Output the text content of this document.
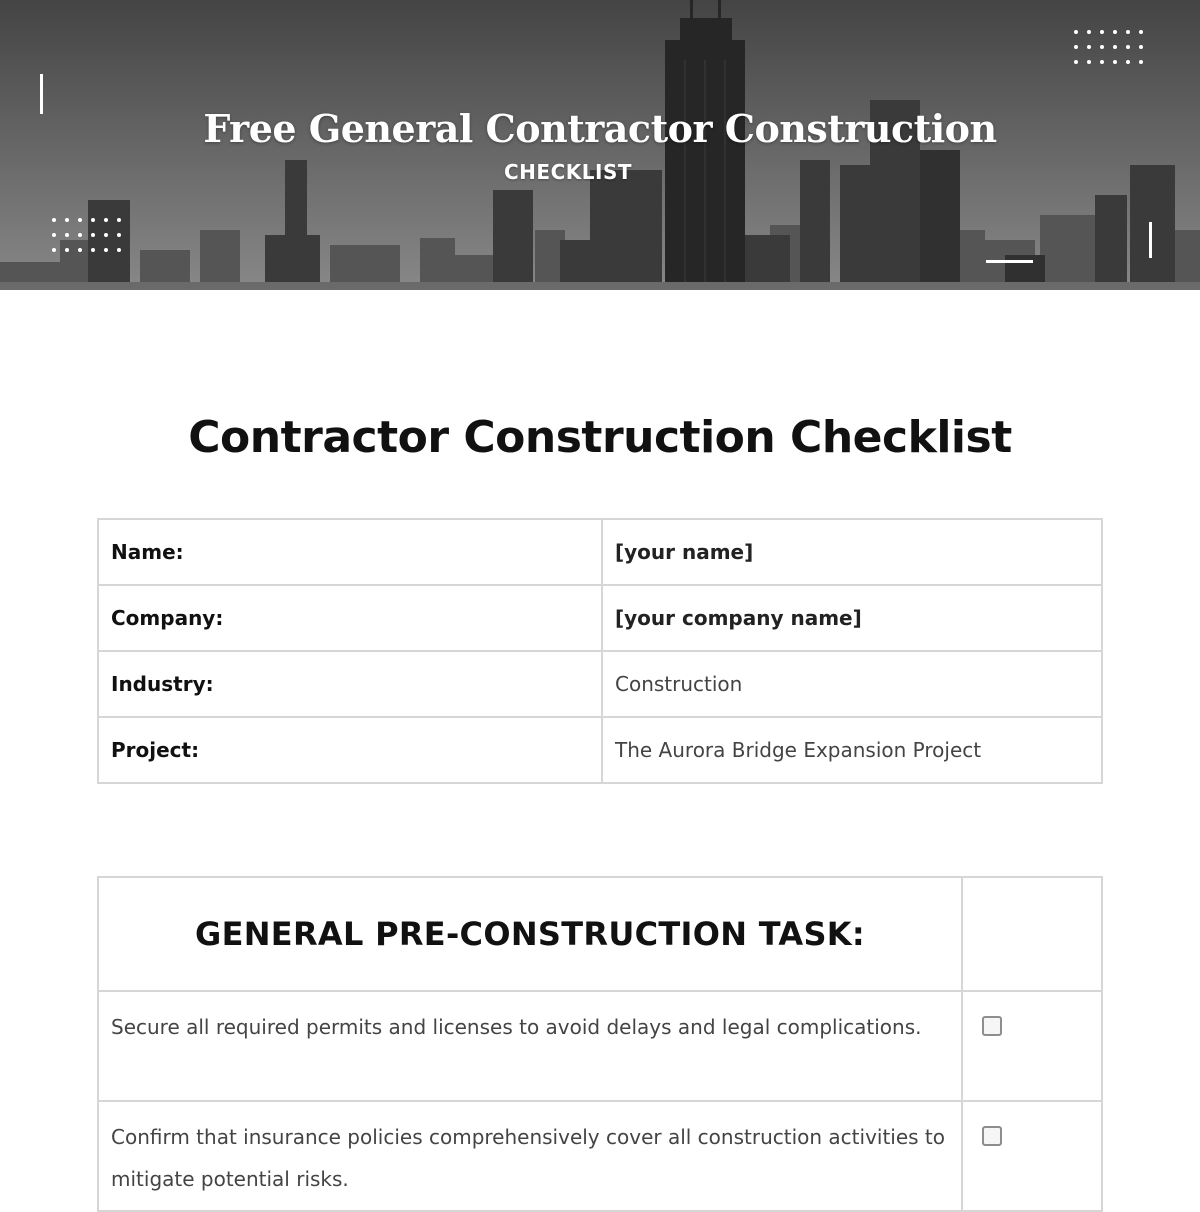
Free General Contractor Construction
CHECKLIST
Contractor Construction Checklist
Name:	[your name]
Company:	[your company name]
Industry:	Construction
Project:	The Aurora Bridge Expansion Project
GENERAL PRE-CONSTRUCTION TASK:	
Secure all required permits and licenses to avoid delays and legal complications.	

Confirm that insurance policies comprehensively cover all construction activities to mitigate potential risks.	
